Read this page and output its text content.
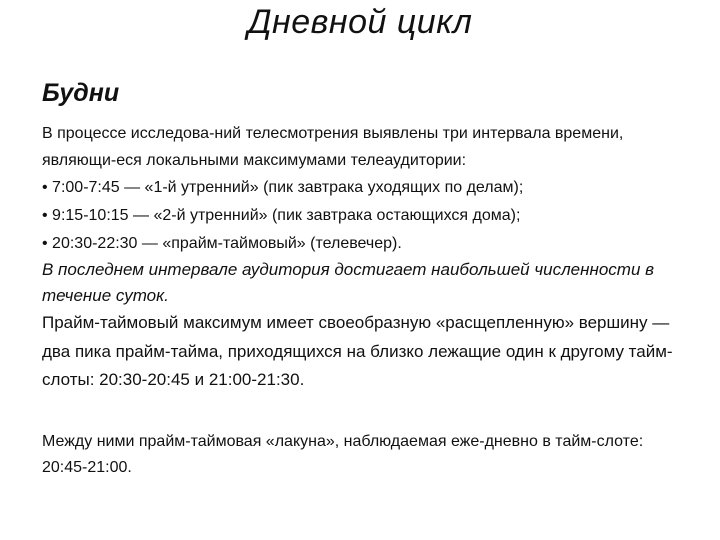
Дневной цикл
Будни

В процессе исследова-ний телесмотрения выявлены три интервала времени, являющи-еся локальными максимумами телеаудитории:

• 7:00-7:45 — «1-й утренний» (пик завтрака уходящих по делам);

• 9:15-10:15 — «2-й утренний» (пик завтрака остающихся дома);

• 20:30-22:30 — «прайм-таймовый» (телевечер).

В последнем интервале аудитория достигает наибольшей численности в течение суток.

Прайм-таймовый максимум имеет своеобразную «расщепленную» вершину — два пика прайм-тайма, приходящихся на близко лежащие один к другому тайм-слоты: 20:30-20:45 и 21:00-21:30.

Между ними прайм-таймовая «лакуна», наблюдаемая еже-дневно в тайм-слоте: 20:45-21:00.
